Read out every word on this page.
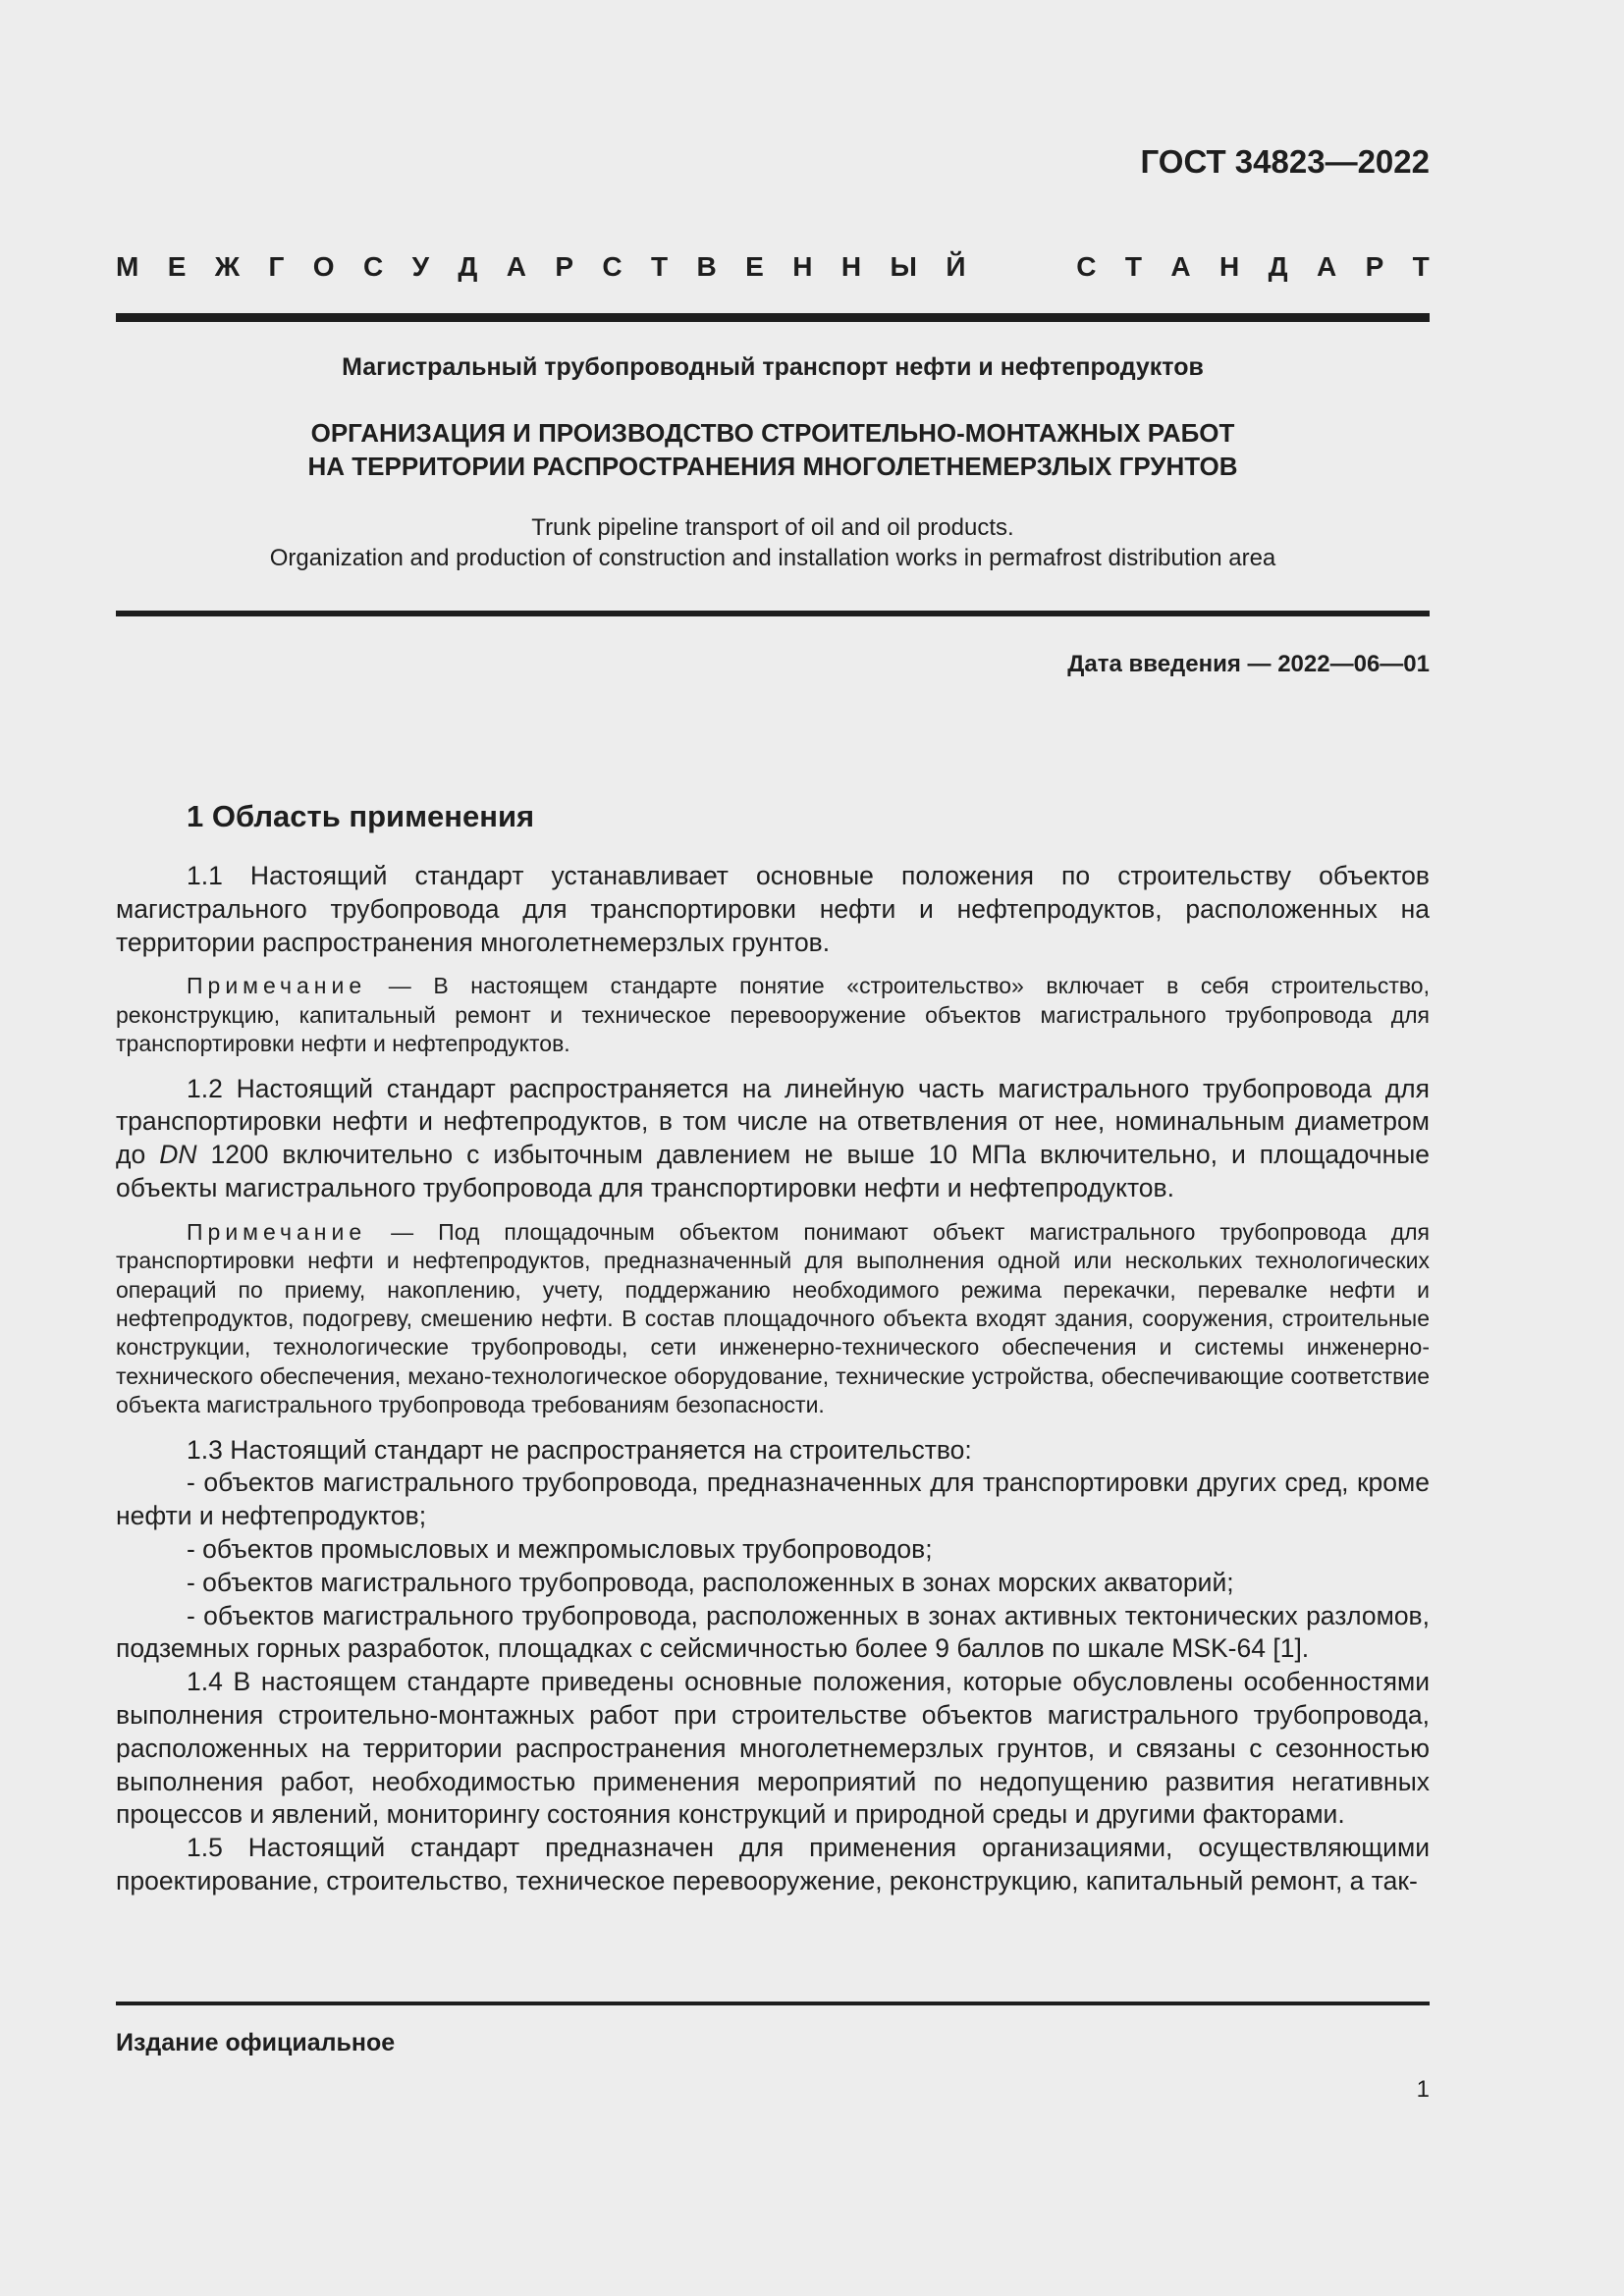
ГОСТ 34823—2022
М Е Ж Г О С У Д А Р С Т В Е Н Н Ы Й	С Т А Н Д А Р Т
Магистральный трубопроводный транспорт нефти и нефтепродуктов
ОРГАНИЗАЦИЯ И ПРОИЗВОДСТВО СТРОИТЕЛЬНО-МОНТАЖНЫХ РАБОТ
НА ТЕРРИТОРИИ РАСПРОСТРАНЕНИЯ МНОГОЛЕТНЕМЕРЗЛЫХ ГРУНТОВ
Trunk pipeline transport of oil and oil products.
Organization and production of construction and installation works in permafrost distribution area
Дата введения — 2022—06—01
1 Область применения

1.1 Настоящий стандарт устанавливает основные положения по строительству объектов магистрального трубопровода для транспортировки нефти и нефтепродуктов, расположенных на территории распространения многолетнемерзлых грунтов.

Примечание — В настоящем стандарте понятие «строительство» включает в себя строительство, реконструкцию, капитальный ремонт и техническое перевооружение объектов магистрального трубопровода для транспортировки нефти и нефтепродуктов.

1.2 Настоящий стандарт распространяется на линейную часть магистрального трубопровода для транспортировки нефти и нефтепродуктов, в том числе на ответвления от нее, номинальным диаметром до DN 1200 включительно с избыточным давлением не выше 10 МПа включительно, и площадочные объекты магистрального трубопровода для транспортировки нефти и нефтепродуктов.

Примечание — Под площадочным объектом понимают объект магистрального трубопровода для транспортировки нефти и нефтепродуктов, предназначенный для выполнения одной или нескольких технологических операций по приему, накоплению, учету, поддержанию необходимого режима перекачки, перевалке нефти и нефтепродуктов, подогреву, смешению нефти. В состав площадочного объекта входят здания, сооружения, строительные конструкции, технологические трубопроводы, сети инженерно-технического обеспечения и системы инженерно-технического обеспечения, механо-технологическое оборудование, технические устройства, обеспечивающие соответствие объекта магистрального трубопровода требованиям безопасности.

1.3 Настоящий стандарт не распространяется на строительство:

- объектов магистрального трубопровода, предназначенных для транспортировки других сред, кроме нефти и нефтепродуктов;

- объектов промысловых и межпромысловых трубопроводов;

- объектов магистрального трубопровода, расположенных в зонах морских акваторий;

- объектов магистрального трубопровода, расположенных в зонах активных тектонических разломов, подземных горных разработок, площадках с сейсмичностью более 9 баллов по шкале MSK-64 [1].

1.4 В настоящем стандарте приведены основные положения, которые обусловлены особенностями выполнения строительно-монтажных работ при строительстве объектов магистрального трубопровода, расположенных на территории распространения многолетнемерзлых грунтов, и связаны с сезонностью выполнения работ, необходимостью применения мероприятий по недопущению развития негативных процессов и явлений, мониторингу состояния конструкций и природной среды и другими факторами.

1.5 Настоящий стандарт предназначен для применения организациями, осуществляющими проектирование, строительство, техническое перевооружение, реконструкцию, капитальный ремонт, а так-

Издание официальное
1
